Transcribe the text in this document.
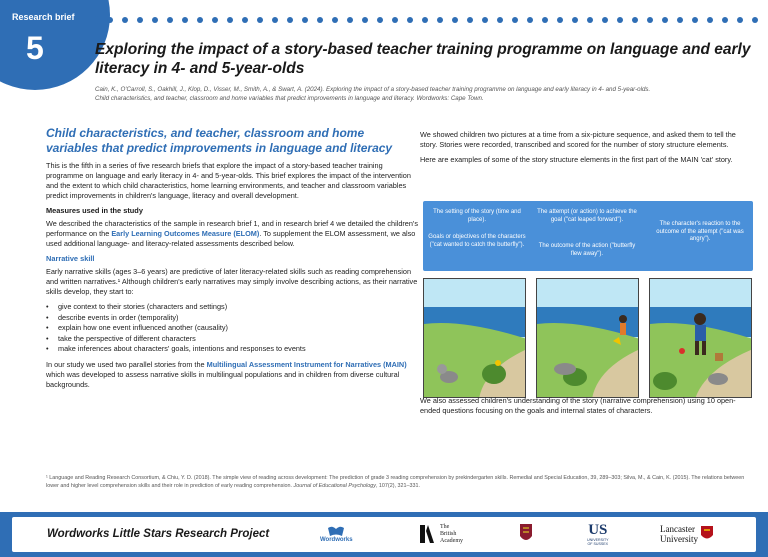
Research brief
5	Exploring the impact of a story-based teacher training programme on language and early literacy in 4- and 5-year-olds
Cain, K., O'Carroll, S., Oakhill, J., Klop, D., Visser, M., Smith, A., & Swart, A. (2024). Exploring the impact of a story-based teacher training programme on language and early literacy in 4- and 5-year-olds.
Child characteristics, and teacher, classroom and home variables that predict improvements in language and literacy. Wordworks: Cape Town.
Child characteristics, and teacher, classroom and home variables that predict improvements in language and literacy

This is the fifth in a series of five research briefs that explore the impact of a story-based teacher training programme on language and early literacy in 4- and 5-year-olds. This brief explores the impact of the intervention and the extent to which child characteristics, home learning environments, and teacher and classroom variables predict improvements in children's language, literacy and overall development.

Measures used in the study

We described the characteristics of the sample in research brief 1, and in research brief 4 we detailed the children's performance on the Early Learning Outcomes Measure (ELOM). To supplement the ELOM assessment, we also used additional language- and literacy-related assessments described below.

Narrative skill

Early narrative skills (ages 3–6 years) are predictive of later literacy-related skills such as reading comprehension and written narratives.¹ Although children's early narratives may simply involve describing actions, as their narrative skills develop, they start to:

• give context to their stories (characters and settings)
• describe events in order (temporality)
• explain how one event influenced another (causality)
• take the perspective of different characters
• make inferences about characters' goals, intentions and responses to events

In our study we used two parallel stories from the Multilingual Assessment Instrument for Narratives (MAIN) which was developed to assess narrative skills in multilingual populations and in children from diverse cultural backgrounds.

We showed children two pictures at a time from a six-picture sequence, and asked them to tell the story. Stories were recorded, transcribed and scored for the number of story structure elements.

Here are examples of some of the story structure elements in the first part of the MAIN 'cat' story.

The setting of the story (time and place).
Goals or objectives of the characters ("cat wanted to catch the butterfly").
The attempt (or action) to achieve the goal ("cat leaped forward").
The outcome of the action ("butterfly flew away").
The character's reaction to the outcome of the attempt ("cat was angry").

We also assessed children's understanding of the story (narrative comprehension) using 10 open-ended questions focusing on the goals and internal states of characters.

¹ Language and Reading Research Consortium, & Chiu, Y. D. (2018). The simple view of reading across development: The prediction of grade 3 reading comprehension by prekindergarten skills. Remedial and Special Education, 39, 289–303; Silva, M., & Cain, K. (2015). The relations between lower and higher level comprehension skills and their role in prediction of early reading comprehension. Journal of Educational Psychology, 107(2), 321–331.
Wordworks Little Stars Research Project	Wordworks
The
British
Academy
US
UNIVERSITY
OF SUSSEX
Lancaster
University
